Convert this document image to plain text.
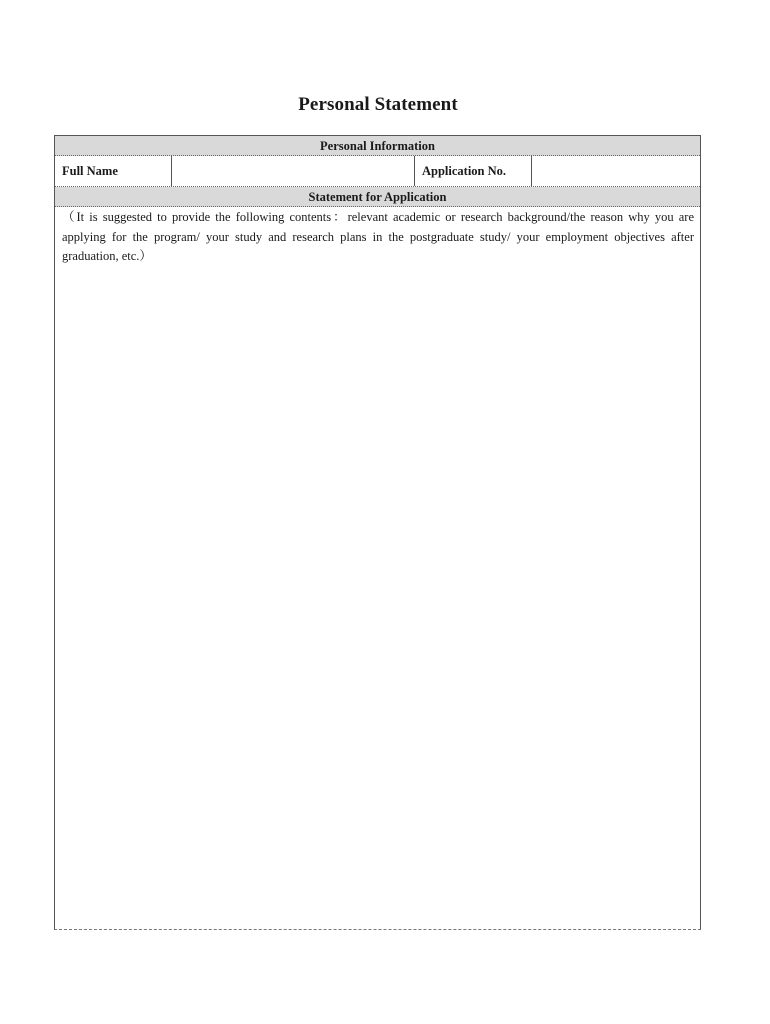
Personal Statement
Personal Information
Full Name	Application No.
Statement for Application
（It is suggested to provide the following contents：relevant academic or research background/the reason why you are applying for the program/ your study and research plans in the postgraduate study/ your employment objectives after graduation, etc.）
